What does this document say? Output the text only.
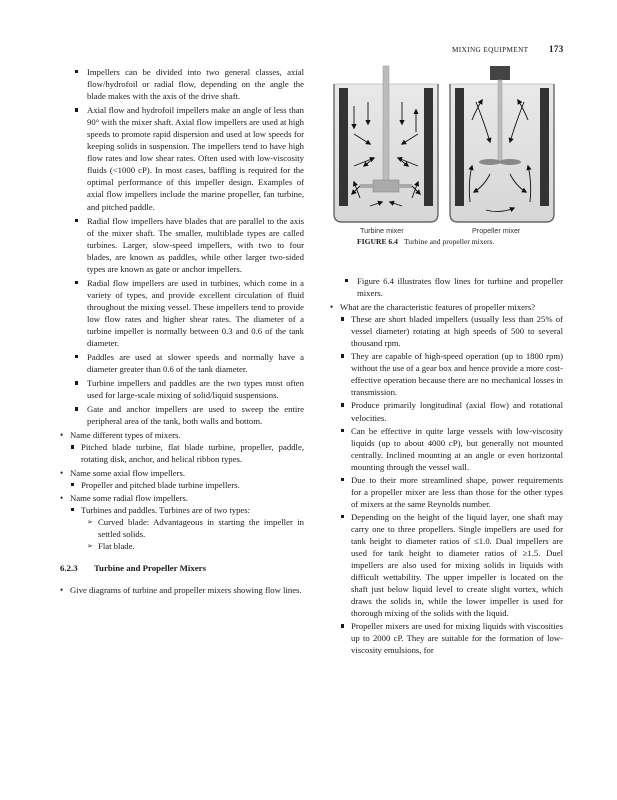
MIXING EQUIPMENT 173
Turbine mixer	Propeller mixer
FIGURE 6.4 Turbine and propeller mixers.
Impellers can be divided into two general classes, axial flow/hydrofoil or radial flow, depending on the angle the blade makes with the axis of the drive shaft.
Axial flow and hydrofoil impellers make an angle of less than 90° with the mixer shaft. Axial flow impellers are used at high speeds to promote rapid dispersion and used at low speeds for keeping solids in suspension. The impellers tend to have high flow rates and low shear rates. Often used with low-viscosity fluids (<1000 cP). In most cases, baffling is required for the optimal performance of this impeller design. Examples of axial flow impellers include the marine propeller, fan turbine, and pitched paddle.
Radial flow impellers have blades that are parallel to the axis of the mixer shaft. The smaller, multiblade types are called turbines. Larger, slow-speed impellers, with two to four blades, are known as paddles, while other larger two-sided types are known as gate or anchor impellers.
Radial flow impellers are used in turbines, which come in a variety of types, and provide excellent circulation of fluid throughout the mixing vessel. These impellers tend to provide low flow rates and higher shear rates. The diameter of a turbine impeller is normally between 0.3 and 0.6 of the tank diameter.
Paddles are used at slower speeds and normally have a diameter greater than 0.6 of the tank diameter.
Turbine impellers and paddles are the two types most often used for large-scale mixing of solid/liquid suspensions.
Gate and anchor impellers are used to sweep the entire peripheral area of the tank, both walls and bottom.
• Name different types of mixers.
Pitched blade turbine, flat blade turbine, propeller, paddle, rotating disk, anchor, and helical ribbon types.
• Name some axial flow impellers.
Propeller and pitched blade turbine impellers.
• Name some radial flow impellers.
Turbines and paddles. Turbines are of two types:
➢ Curved blade: Advantageous in starting the impeller in settled solids.
➢ Flat blade.
6.2.3 Turbine and Propeller Mixers
• Give diagrams of turbine and propeller mixers showing flow lines.
Figure 6.4 illustrates flow lines for turbine and propeller mixers.
• What are the characteristic features of propeller mixers?
These are short bladed impellers (usually less than 25% of vessel diameter) rotating at high speeds of 500 to several thousand rpm.
They are capable of high-speed operation (up to 1800 rpm) without the use of a gear box and hence provide a more cost-effective operation because there are no mechanical losses in transmission.
Produce primarily longitudinal (axial flow) and rotational velocities.
Can be effective in quite large vessels with low-viscosity liquids (up to about 4000 cP), but generally not mounted centrally. Inclined mounting at an angle or even horizontal mounting through the vessel wall.
Due to their more streamlined shape, power requirements for a propeller mixer are less than those for the other types of mixers at the same Reynolds number.
Depending on the height of the liquid layer, one shaft may carry one to three propellers. Single impellers are used for tank height to diameter ratios of ≤1.0. Dual impellers are used for tank height to diameter ratios of ≥1.5. Duel impellers are also used for mixing solids in liquids with difficult wettability. The upper impeller is located on the shaft just below liquid level to create slight vortex, which draws the solids in, while the lower impeller is used for thorough mixing of the solids with the liquid.
Propeller mixers are used for mixing liquids with viscosities up to 2000 cP. They are suitable for the formation of low-viscosity emulsions, for
